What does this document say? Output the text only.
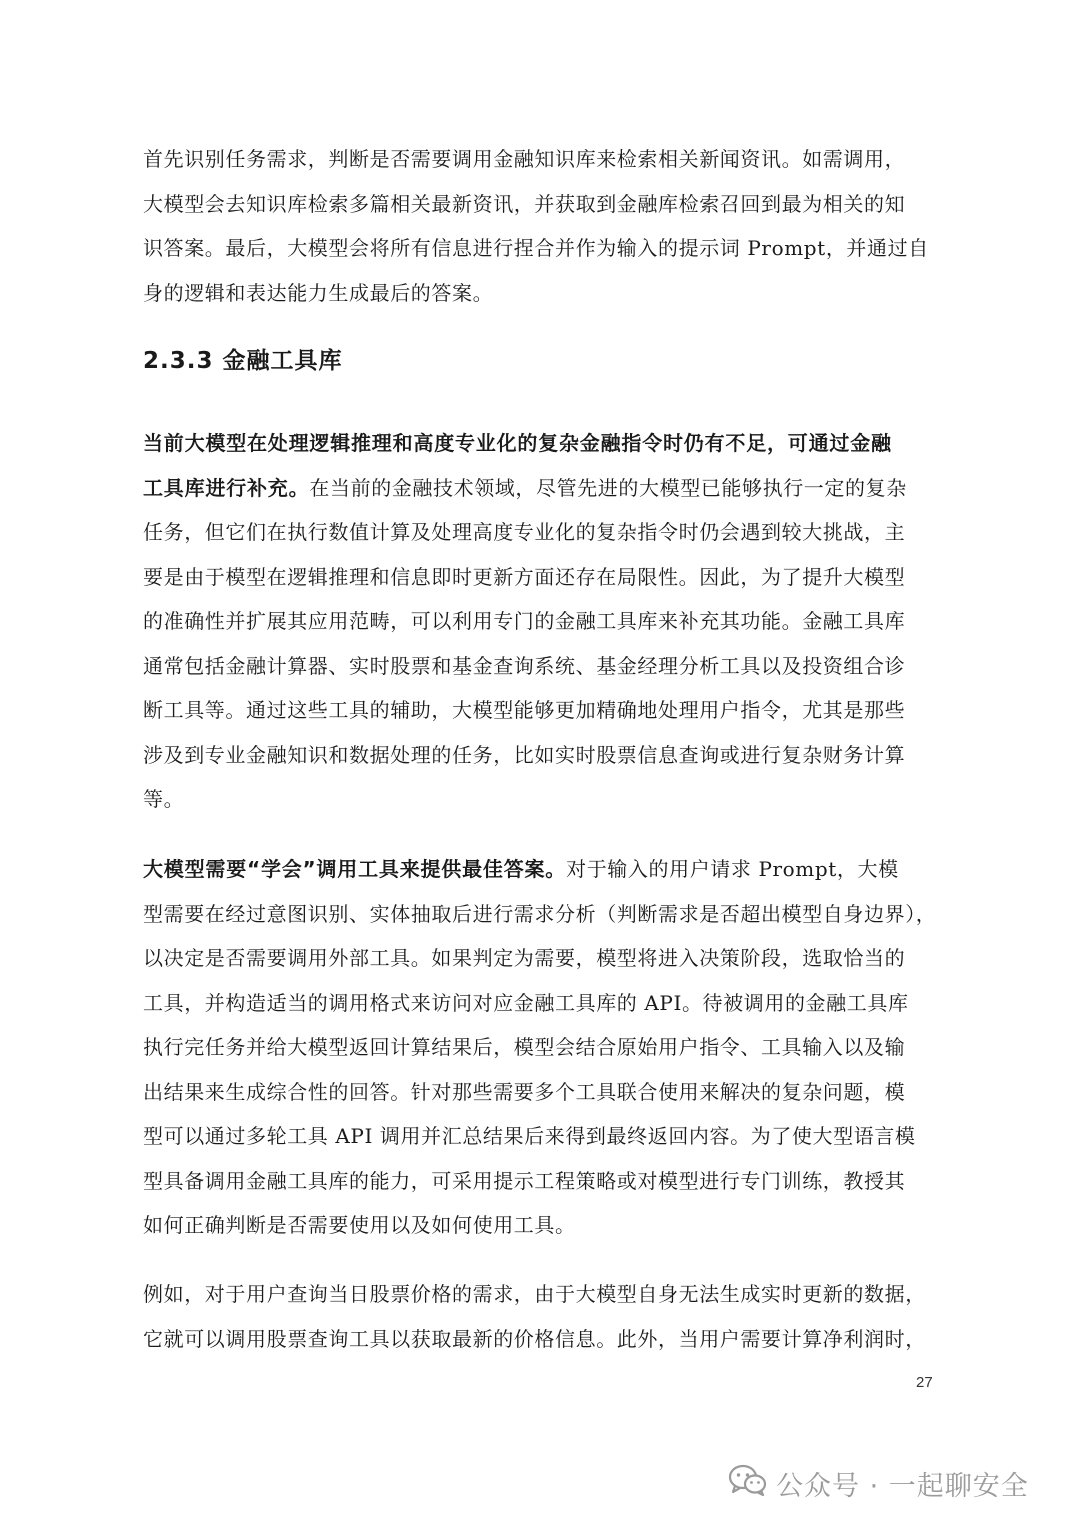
首先识别任务需求，判断是否需要调用金融知识库来检索相关新闻资讯。如需调用，
大模型会去知识库检索多篇相关最新资讯，并获取到金融库检索召回到最为相关的知
识答案。最后，大模型会将所有信息进行捏合并作为输入的提示词 Prompt，并通过自
身的逻辑和表达能力生成最后的答案。
2.3.3 金融工具库
当前大模型在处理逻辑推理和高度专业化的复杂金融指令时仍有不足，可通过金融
工具库进行补充。在当前的金融技术领域，尽管先进的大模型已能够执行一定的复杂
任务，但它们在执行数值计算及处理高度专业化的复杂指令时仍会遇到较大挑战，主
要是由于模型在逻辑推理和信息即时更新方面还存在局限性。因此，为了提升大模型
的准确性并扩展其应用范畴，可以利用专门的金融工具库来补充其功能。金融工具库
通常包括金融计算器、实时股票和基金查询系统、基金经理分析工具以及投资组合诊
断工具等。通过这些工具的辅助，大模型能够更加精确地处理用户指令，尤其是那些
涉及到专业金融知识和数据处理的任务，比如实时股票信息查询或进行复杂财务计算
等。
大模型需要“学会”调用工具来提供最佳答案。对于输入的用户请求 Prompt，大模
型需要在经过意图识别、实体抽取后进行需求分析（判断需求是否超出模型自身边界），
以决定是否需要调用外部工具。如果判定为需要，模型将进入决策阶段，选取恰当的
工具，并构造适当的调用格式来访问对应金融工具库的 API。待被调用的金融工具库
执行完任务并给大模型返回计算结果后，模型会结合原始用户指令、工具输入以及输
出结果来生成综合性的回答。针对那些需要多个工具联合使用来解决的复杂问题，模
型可以通过多轮工具 API 调用并汇总结果后来得到最终返回内容。为了使大型语言模
型具备调用金融工具库的能力，可采用提示工程策略或对模型进行专门训练，教授其
如何正确判断是否需要使用以及如何使用工具。
例如，对于用户查询当日股票价格的需求，由于大模型自身无法生成实时更新的数据，
它就可以调用股票查询工具以获取最新的价格信息。此外，当用户需要计算净利润时，
27
公众号 · 一起聊安全
